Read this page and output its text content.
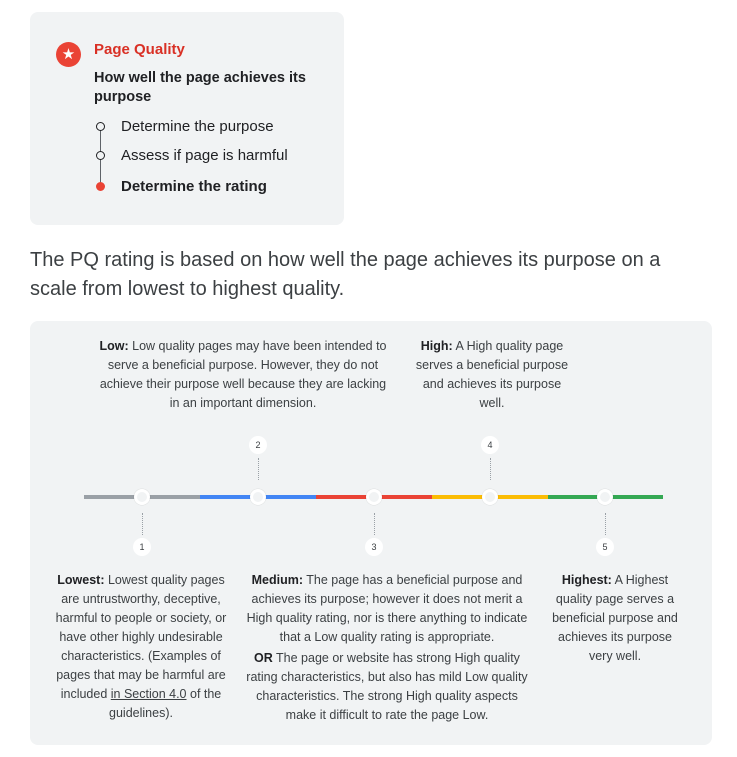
★	Page Quality
How well the page achieves its purpose
Determine the purpose
Assess if page is harmful
Determine the rating
The PQ rating is based on how well the page achieves its purpose on a scale from lowest to highest quality.
Low: Low quality pages may have been intended to serve a beneficial purpose. However, they do not achieve their purpose well because they are lacking in an important dimension.
High: A High quality page serves a beneficial purpose and achieves its purpose well.
2	4
1	3	5
Lowest: Lowest quality pages are untrustworthy, deceptive, harmful to people or society, or have other highly undesirable characteristics. (Examples of pages that may be harmful are included in Section 4.0 of the guidelines).
Medium: The page has a beneficial purpose and achieves its purpose; however it does not merit a High quality rating, nor is there anything to indicate that a Low quality rating is appropriate.
OR The page or website has strong High quality rating characteristics, but also has mild Low quality characteristics. The strong High quality aspects make it difficult to rate the page Low.
Highest: A Highest quality page serves a beneficial purpose and achieves its purpose very well.
